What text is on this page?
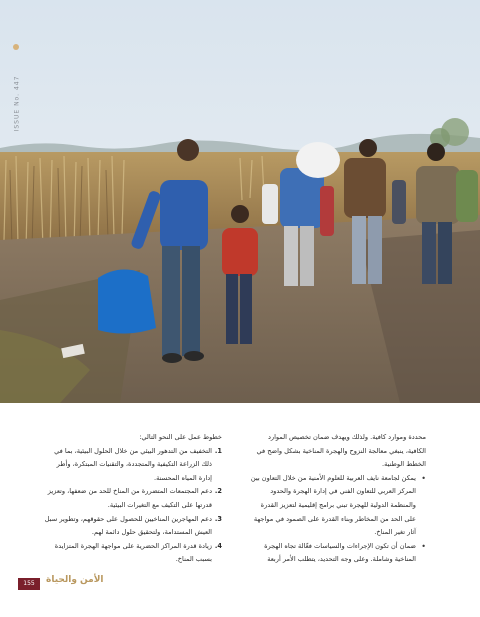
ISSUE No. 447

محددة وموارد كافية. ولذلك ويهدف ضمان تخصيص الموارد الكافية، ينبغي معالجة النزوح والهجرة المناخية بشكل واضح في الخطط الوطنية.

• يمكن لجامعة نايف العربية للعلوم الأمنية من خلال التعاون بين المركز العربي للتعاون الفني في إدارة الهجرة والحدود والمنظمة الدولية للهجرة تبني برامج إقليمية لتعزيز القدرة على الحد من المخاطر وبناء القدرة على الصمود في مواجهة آثار تغير المناخ.

• ضمان أن تكون الإجراءات والسياسات فعّالة تجاه الهجرة المناخية وشاملة. وعلى وجه التحديد، يتطلب الأمر أربعة

خطوط عمل على النحو التالي:

1.
التخفيف من التدهور البيئي من خلال الحلول البيئية، بما في ذلك الزراعة التكيفية والمتجددة، والتقنيات المبتكرة، وأطر إدارة المياه المحسنة.

2.
دعم المجتمعات المتضررة من المناخ للحد من ضعفها، وتعزيز قدرتها على التكيف مع التغيرات البيئية.

3.
دعم المهاجرين المناخيين للحصول على حقوقهم، وتطوير سبل العيش المستدامة، ولتحقيق حلول دائمة لهم.

4.
زيادة قدرة المراكز الحضرية على مواجهة الهجرة المتزايدة بسبب المناخ.

155	الأمن والحياة
